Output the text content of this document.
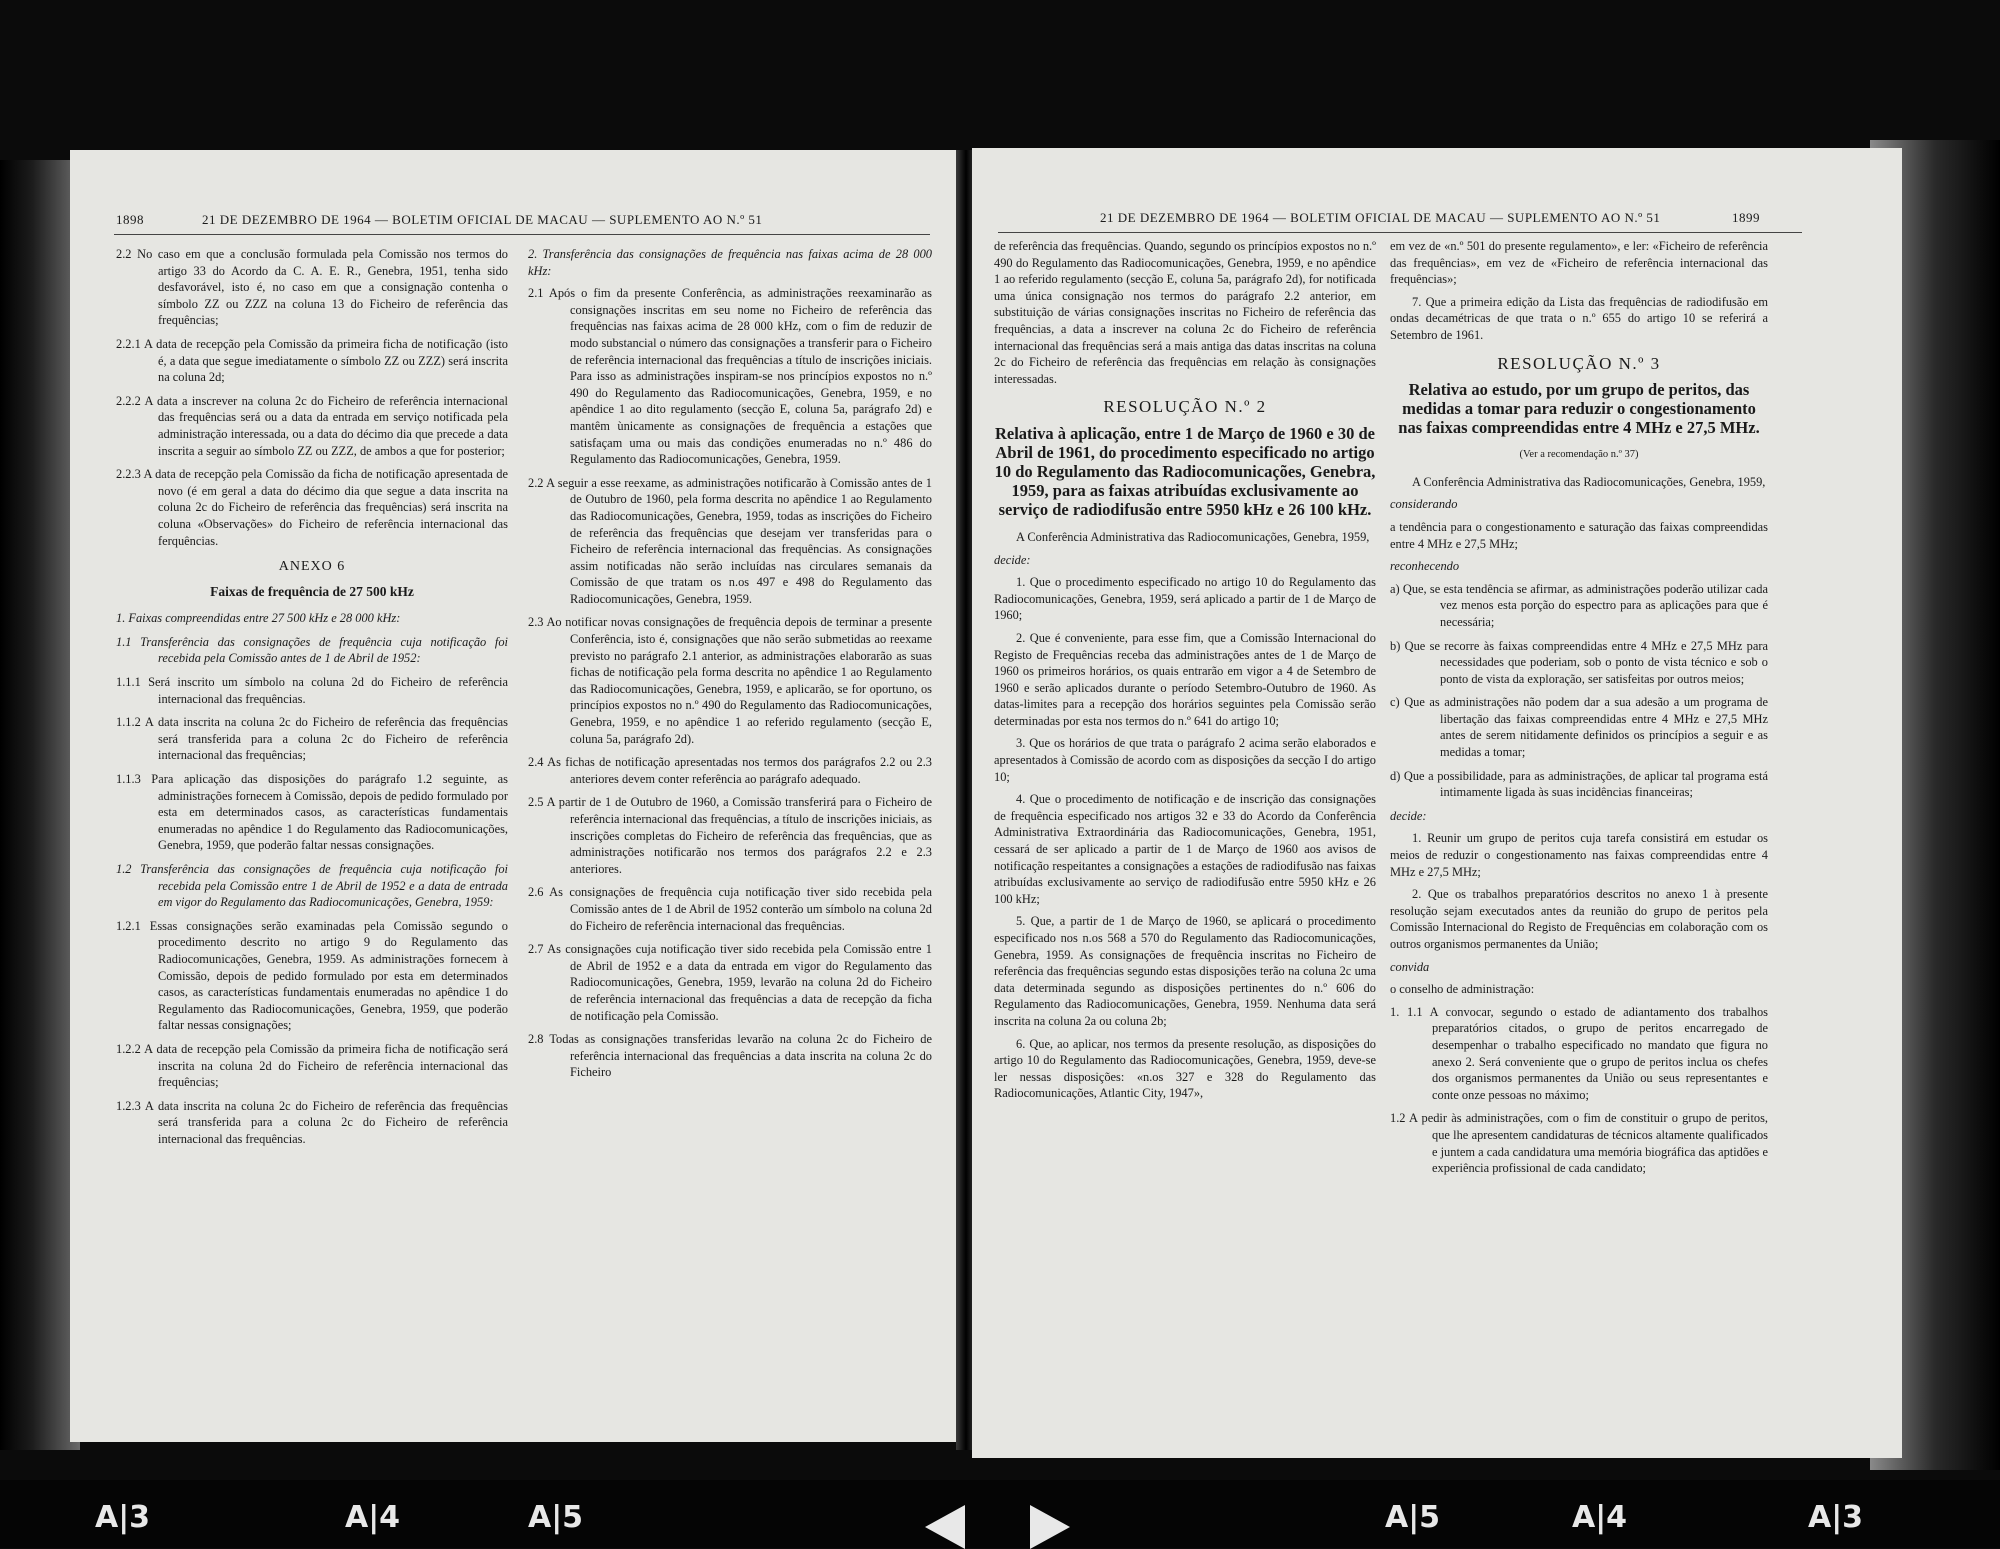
1898	21 DE DEZEMBRO DE 1964 — BOLETIM OFICIAL DE MACAU — SUPLEMENTO AO N.º 51
2.2 No caso em que a conclusão formulada pela Comissão nos termos do artigo 33 do Acordo da C. A. E. R., Genebra, 1951, tenha sido desfavorável, isto é, no caso em que a consignação contenha o símbolo ZZ ou ZZZ na coluna 13 do Ficheiro de referência das frequências;
2.2.1 A data de recepção pela Comissão da primeira ficha de notificação (isto é, a data que segue imediatamente o símbolo ZZ ou ZZZ) será inscrita na coluna 2d;
2.2.2 A data a inscrever na coluna 2c do Ficheiro de referência internacional das frequências será ou a data da entrada em serviço notificada pela administração interessada, ou a data do décimo dia que precede a data inscrita a seguir ao símbolo ZZ ou ZZZ, de ambos a que for posterior;
2.2.3 A data de recepção pela Comissão da ficha de notificação apresentada de novo (é em geral a data do décimo dia que segue a data inscrita na coluna 2c do Ficheiro de referência das frequências) será inscrita na coluna «Observações» do Ficheiro de referência internacional das ferquências.
ANEXO 6
Faixas de frequência de 27 500 kHz
1. Faixas compreendidas entre 27 500 kHz e 28 000 kHz:
1.1 Transferência das consignações de frequência cuja notificação foi recebida pela Comissão antes de 1 de Abril de 1952:
1.1.1 Será inscrito um símbolo na coluna 2d do Ficheiro de referência internacional das frequências.
1.1.2 A data inscrita na coluna 2c do Ficheiro de referência das frequências será transferida para a coluna 2c do Ficheiro de referência internacional das frequências;
1.1.3 Para aplicação das disposições do parágrafo 1.2 seguinte, as administrações fornecem à Comissão, depois de pedido formulado por esta em determinados casos, as características fundamentais enumeradas no apêndice 1 do Regulamento das Radiocomunicações, Genebra, 1959, que poderão faltar nessas consignações.
1.2 Transferência das consignações de frequência cuja notificação foi recebida pela Comissão entre 1 de Abril de 1952 e a data de entrada em vigor do Regulamento das Radiocomunicações, Genebra, 1959:
1.2.1 Essas consignações serão examinadas pela Comissão segundo o procedimento descrito no artigo 9 do Regulamento das Radiocomunicações, Genebra, 1959. As administrações fornecem à Comissão, depois de pedido formulado por esta em determinados casos, as características fundamentais enumeradas no apêndice 1 do Regulamento das Radiocomunicações, Genebra, 1959, que poderão faltar nessas consignações;
1.2.2 A data de recepção pela Comissão da primeira ficha de notificação será inscrita na coluna 2d do Ficheiro de referência internacional das frequências;
1.2.3 A data inscrita na coluna 2c do Ficheiro de referência das frequências será transferida para a coluna 2c do Ficheiro de referência internacional das frequências.
2. Transferência das consignações de frequência nas faixas acima de 28 000 kHz:
2.1 Após o fim da presente Conferência, as administrações reexaminarão as consignações inscritas em seu nome no Ficheiro de referência das frequências nas faixas acima de 28 000 kHz, com o fim de reduzir de modo substancial o número das consignações a transferir para o Ficheiro de referência internacional das frequências a título de inscrições iniciais. Para isso as administrações inspiram-se nos princípios expostos no n.º 490 do Regulamento das Radiocomunicações, Genebra, 1959, e no apêndice 1 ao dito regulamento (secção E, coluna 5a, parágrafo 2d) e mantêm ùnicamente as consignações de frequência a estações que satisfaçam uma ou mais das condições enumeradas no n.º 486 do Regulamento das Radiocomunicações, Genebra, 1959.
2.2 A seguir a esse reexame, as administrações notificarão à Comissão antes de 1 de Outubro de 1960, pela forma descrita no apêndice 1 ao Regulamento das Radiocomunicações, Genebra, 1959, todas as inscrições do Ficheiro de referência das frequências que desejam ver transferidas para o Ficheiro de referência internacional das frequências. As consignações assim notificadas não serão incluídas nas circulares semanais da Comissão de que tratam os n.os 497 e 498 do Regulamento das Radiocomunicações, Genebra, 1959.
2.3 Ao notificar novas consignações de frequência depois de terminar a presente Conferência, isto é, consignações que não serão submetidas ao reexame previsto no parágrafo 2.1 anterior, as administrações elaborarão as suas fichas de notificação pela forma descrita no apêndice 1 ao Regulamento das Radiocomunicações, Genebra, 1959, e aplicarão, se for oportuno, os princípios expostos no n.º 490 do Regulamento das Radiocomunicações, Genebra, 1959, e no apêndice 1 ao referido regulamento (secção E, coluna 5a, parágrafo 2d).
2.4 As fichas de notificação apresentadas nos termos dos parágrafos 2.2 ou 2.3 anteriores devem conter referência ao parágrafo adequado.
2.5 A partir de 1 de Outubro de 1960, a Comissão transferirá para o Ficheiro de referência internacional das frequências, a título de inscrições iniciais, as inscrições completas do Ficheiro de referência das frequências, que as administrações notificarão nos termos dos parágrafos 2.2 e 2.3 anteriores.
2.6 As consignações de frequência cuja notificação tiver sido recebida pela Comissão antes de 1 de Abril de 1952 conterão um símbolo na coluna 2d do Ficheiro de referência internacional das frequências.
2.7 As consignações cuja notificação tiver sido recebida pela Comissão entre 1 de Abril de 1952 e a data da entrada em vigor do Regulamento das Radiocomunicações, Genebra, 1959, levarão na coluna 2d do Ficheiro de referência internacional das frequências a data de recepção da ficha de notificação pela Comissão.
2.8 Todas as consignações transferidas levarão na coluna 2c do Ficheiro de referência internacional das frequências a data inscrita na coluna 2c do Ficheiro
21 DE DEZEMBRO DE 1964 — BOLETIM OFICIAL DE MACAU — SUPLEMENTO AO N.º 51	1899
de referência das frequências. Quando, segundo os princípios expostos no n.º 490 do Regulamento das Radiocomunicações, Genebra, 1959, e no apêndice 1 ao referido regulamento (secção E, coluna 5a, parágrafo 2d), for notificada uma única consignação nos termos do parágrafo 2.2 anterior, em substituição de várias consignações inscritas no Ficheiro de referência das frequências, a data a inscrever na coluna 2c do Ficheiro de referência internacional das frequências será a mais antiga das datas inscritas na coluna 2c do Ficheiro de referência das frequências em relação às consignações interessadas.
RESOLUÇÃO N.º 2
Relativa à aplicação, entre 1 de Março de 1960 e 30 de Abril de 1961, do procedimento especificado no artigo 10 do Regulamento das Radiocomunicações, Genebra, 1959, para as faixas atribuídas exclusivamente ao serviço de radiodifusão entre 5950 kHz e 26 100 kHz.
A Conferência Administrativa das Radiocomunicações, Genebra, 1959,
decide:
1. Que o procedimento especificado no artigo 10 do Regulamento das Radiocomunicações, Genebra, 1959, será aplicado a partir de 1 de Março de 1960;
2. Que é conveniente, para esse fim, que a Comissão Internacional do Registo de Frequências receba das administrações antes de 1 de Março de 1960 os primeiros horários, os quais entrarão em vigor a 4 de Setembro de 1960 e serão aplicados durante o período Setembro-Outubro de 1960. As datas-limites para a recepção dos horários seguintes pela Comissão serão determinadas por esta nos termos do n.º 641 do artigo 10;
3. Que os horários de que trata o parágrafo 2 acima serão elaborados e apresentados à Comissão de acordo com as disposições da secção I do artigo 10;
4. Que o procedimento de notificação e de inscrição das consignações de frequência especificado nos artigos 32 e 33 do Acordo da Conferência Administrativa Extraordinária das Radiocomunicações, Genebra, 1951, cessará de ser aplicado a partir de 1 de Março de 1960 aos avisos de notificação respeitantes a consignações a estações de radiodifusão nas faixas atribuídas exclusivamente ao serviço de radiodifusão entre 5950 kHz e 26 100 kHz;
5. Que, a partir de 1 de Março de 1960, se aplicará o procedimento especificado nos n.os 568 a 570 do Regulamento das Radiocomunicações, Genebra, 1959. As consignações de frequência inscritas no Ficheiro de referência das frequências segundo estas disposições terão na coluna 2c uma data determinada segundo as disposições pertinentes do n.º 606 do Regulamento das Radiocomunicações, Genebra, 1959. Nenhuma data será inscrita na coluna 2a ou coluna 2b;
6. Que, ao aplicar, nos termos da presente resolução, as disposições do artigo 10 do Regulamento das Radiocomunicações, Genebra, 1959, deve-se ler nessas disposições: «n.os 327 e 328 do Regulamento das Radiocomunicações, Atlantic City, 1947»,
em vez de «n.º 501 do presente regulamento», e ler: «Ficheiro de referência das frequências», em vez de «Ficheiro de referência internacional das frequências»;
7. Que a primeira edição da Lista das frequências de radiodifusão em ondas decamétricas de que trata o n.º 655 do artigo 10 se referirá a Setembro de 1961.
RESOLUÇÃO N.º 3
Relativa ao estudo, por um grupo de peritos, das medidas a tomar para reduzir o congestionamento nas faixas compreendidas entre 4 MHz e 27,5 MHz.
(Ver a recomendação n.º 37)
A Conferência Administrativa das Radiocomunicações, Genebra, 1959,
considerando
a tendência para o congestionamento e saturação das faixas compreendidas entre 4 MHz e 27,5 MHz;
reconhecendo
a) Que, se esta tendência se afirmar, as administrações poderão utilizar cada vez menos esta porção do espectro para as aplicações para que é necessária;
b) Que se recorre às faixas compreendidas entre 4 MHz e 27,5 MHz para necessidades que poderiam, sob o ponto de vista técnico e sob o ponto de vista da exploração, ser satisfeitas por outros meios;
c) Que as administrações não podem dar a sua adesão a um programa de libertação das faixas compreendidas entre 4 MHz e 27,5 MHz antes de serem nitidamente definidos os princípios a seguir e as medidas a tomar;
d) Que a possibilidade, para as administrações, de aplicar tal programa está intimamente ligada às suas incidências financeiras;
decide:
1. Reunir um grupo de peritos cuja tarefa consistirá em estudar os meios de reduzir o congestionamento nas faixas compreendidas entre 4 MHz e 27,5 MHz;
2. Que os trabalhos preparatórios descritos no anexo 1 à presente resolução sejam executados antes da reunião do grupo de peritos pela Comissão Internacional do Registo de Frequências em colaboração com os outros organismos permanentes da União;
convida
o conselho de administração:
1. 1.1 A convocar, segundo o estado de adiantamento dos trabalhos preparatórios citados, o grupo de peritos encarregado de desempenhar o trabalho especificado no mandato que figura no anexo 2. Será conveniente que o grupo de peritos inclua os chefes dos organismos permanentes da União ou seus representantes e conte onze pessoas no máximo;
1.2 A pedir às administrações, com o fim de constituir o grupo de peritos, que lhe apresentem candidaturas de técnicos altamente qualificados e juntem a cada candidatura uma memória biográfica das aptidões e experiência profissional de cada candidato;
A|3	A|4	A|5	A|5	A|4	A|3
